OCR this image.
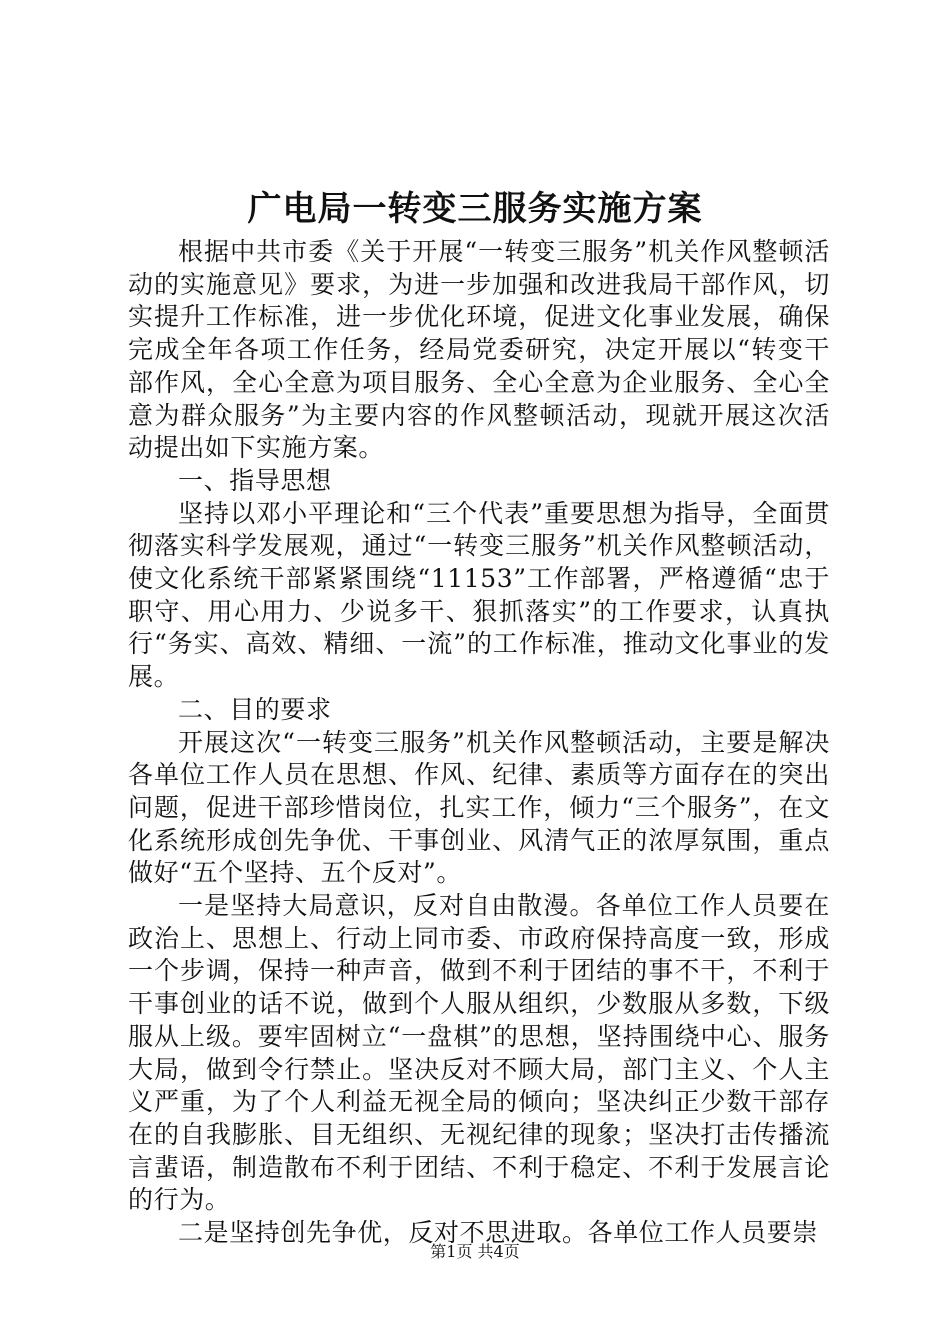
广电局一转变三服务实施方案

根据中共市委《关于开展“一转变三服务”机关作风整顿活动的实施意见》要求，为进一步加强和改进我局干部作风，切实提升工作标准，进一步优化环境，促进文化事业发展，确保完成全年各项工作任务，经局党委研究，决定开展以“转变干部作风，全心全意为项目服务、全心全意为企业服务、全心全意为群众服务”为主要内容的作风整顿活动，现就开展这次活动提出如下实施方案。

一、指导思想

坚持以邓小平理论和“三个代表”重要思想为指导，全面贯彻落实科学发展观，通过“一转变三服务”机关作风整顿活动，使文化系统干部紧紧围绕“11153”工作部署，严格遵循“忠于职守、用心用力、少说多干、狠抓落实”的工作要求，认真执行“务实、高效、精细、一流”的工作标准，推动文化事业的发展。

二、目的要求

开展这次“一转变三服务”机关作风整顿活动，主要是解决各单位工作人员在思想、作风、纪律、素质等方面存在的突出问题，促进干部珍惜岗位，扎实工作，倾力“三个服务”，在文化系统形成创先争优、干事创业、风清气正的浓厚氛围，重点做好“五个坚持、五个反对”。

一是坚持大局意识，反对自由散漫。各单位工作人员要在政治上、思想上、行动上同市委、市政府保持高度一致，形成一个步调，保持一种声音，做到不利于团结的事不干，不利于干事创业的话不说，做到个人服从组织，少数服从多数，下级服从上级。要牢固树立“一盘棋”的思想，坚持围绕中心、服务大局，做到令行禁止。坚决反对不顾大局，部门主义、个人主义严重，为了个人利益无视全局的倾向；坚决纠正少数干部存在的自我膨胀、目无组织、无视纪律的现象；坚决打击传播流言蜚语，制造散布不利于团结、不利于稳定、不利于发展言论的行为。

二是坚持创先争优，反对不思进取。各单位工作人员要崇

第1页 共4页
